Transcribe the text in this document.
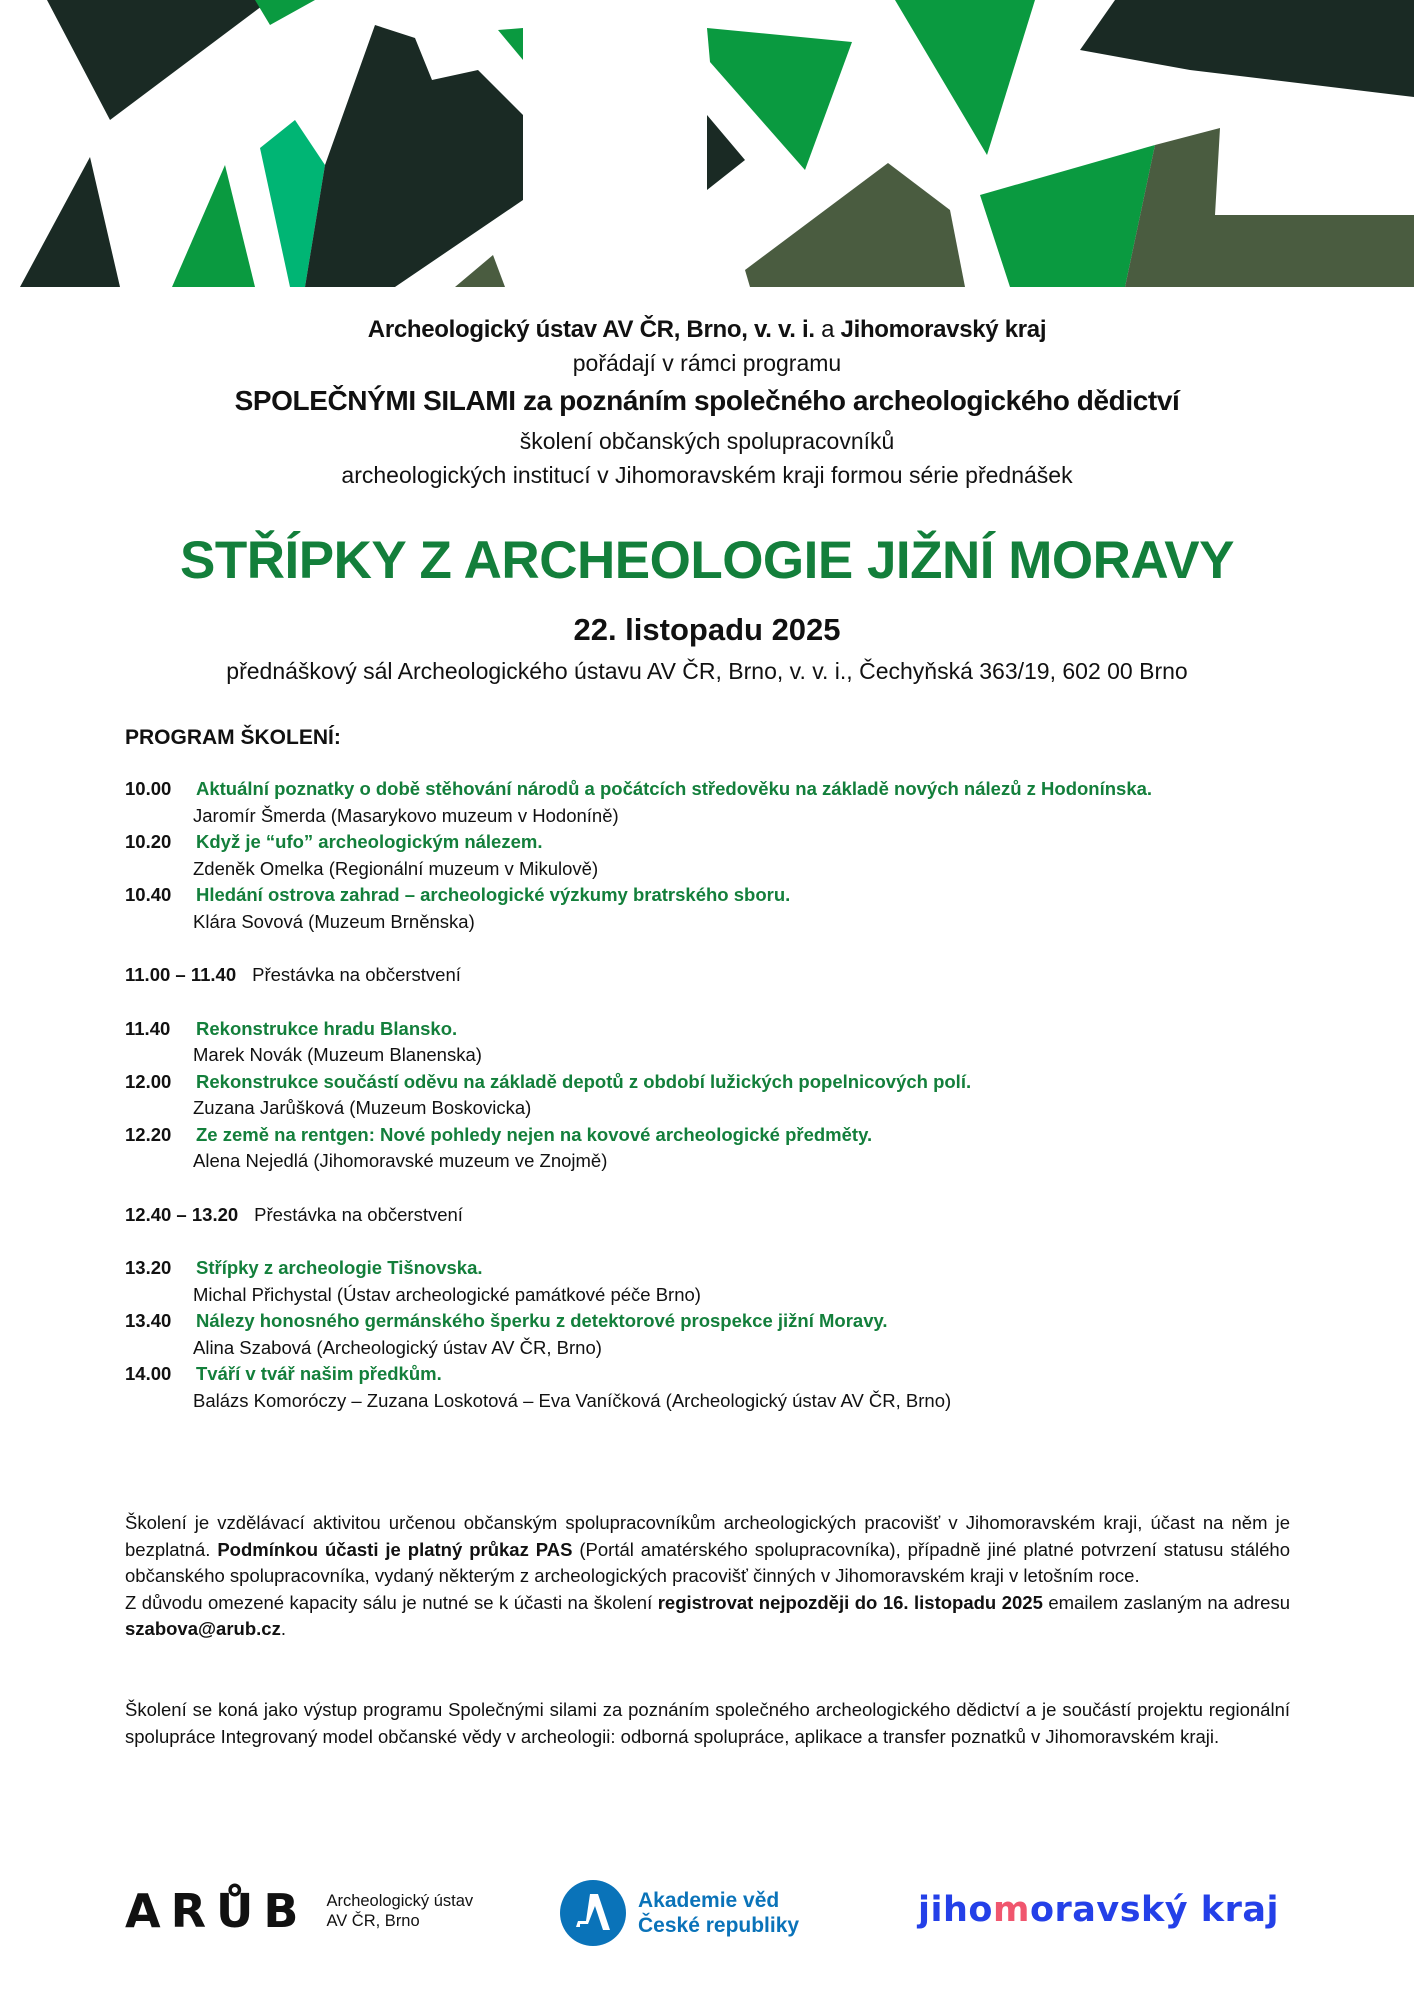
Archeologický ústav AV ČR, Brno, v. v. i. a Jihomoravský kraj
pořádají v rámci programu
SPOLEČNÝMI SILAMI za poznáním společného archeologického dědictví
školení občanských spolupracovníků
archeologických institucí v Jihomoravském kraji formou série přednášek
STŘÍPKY Z ARCHEOLOGIE JIŽNÍ MORAVY
22. listopadu 2025
přednáškový sál Archeologického ústavu AV ČR, Brno, v. v. i., Čechyňská 363/19, 602 00 Brno
PROGRAM ŠKOLENÍ:
10.00	Aktuální poznatky o době stěhování národů a počátcích středověku na základě nových nálezů z Hodonínska.
Jaromír Šmerda (Masarykovo muzeum v Hodoníně)
10.20	Když je “ufo” archeologickým nálezem.
Zdeněk Omelka (Regionální muzeum v Mikulově)
10.40	Hledání ostrova zahrad – archeologické výzkumy bratrského sboru.
Klára Sovová (Muzeum Brněnska)
11.00 – 11.40 Přestávka na občerstvení
11.40	Rekonstrukce hradu Blansko.
Marek Novák (Muzeum Blanenska)
12.00	Rekonstrukce součástí oděvu na základě depotů z období lužických popelnicových polí.
Zuzana Jarůšková (Muzeum Boskovicka)
12.20	Ze země na rentgen: Nové pohledy nejen na kovové archeologické předměty.
Alena Nejedlá (Jihomoravské muzeum ve Znojmě)
12.40 – 13.20 Přestávka na občerstvení
13.20	Střípky z archeologie Tišnovska.
Michal Přichystal (Ústav archeologické památkové péče Brno)
13.40	Nálezy honosného germánského šperku z detektorové prospekce jižní Moravy.
Alina Szabová (Archeologický ústav AV ČR, Brno)
14.00	Tváří v tvář našim předkům.
Balázs Komoróczy – Zuzana Loskotová – Eva Vaníčková (Archeologický ústav AV ČR, Brno)

Školení je vzdělávací aktivitou určenou občanským spolupracovníkům archeologických pracovišť v Jihomoravském kraji, účast na něm je bezplatná. Podmínkou účasti je platný průkaz PAS (Portál amatérského spolupracovníka), případně jiné platné potvrzení statusu stálého občanského spolupracovníka, vydaný některým z archeologických pracovišť činných v Jihomoravském kraji v letošním roce.

Z důvodu omezené kapacity sálu je nutné se k účasti na školení registrovat nejpozději do 16. listopadu 2025 emailem zaslaným na adresu szabova@arub.cz.

Školení se koná jako výstup programu Společnými silami za poznáním společného archeologického dědictví a je součástí projektu regionální spolupráce Integrovaný model občanské vědy v archeologii: odborná spolupráce, aplikace a transfer poznatků v Jihomoravském kraji.

ARŮB Archeologický ústav
AV ČR, Brno
Akademie věd
České republiky	jihomoravský kraj
